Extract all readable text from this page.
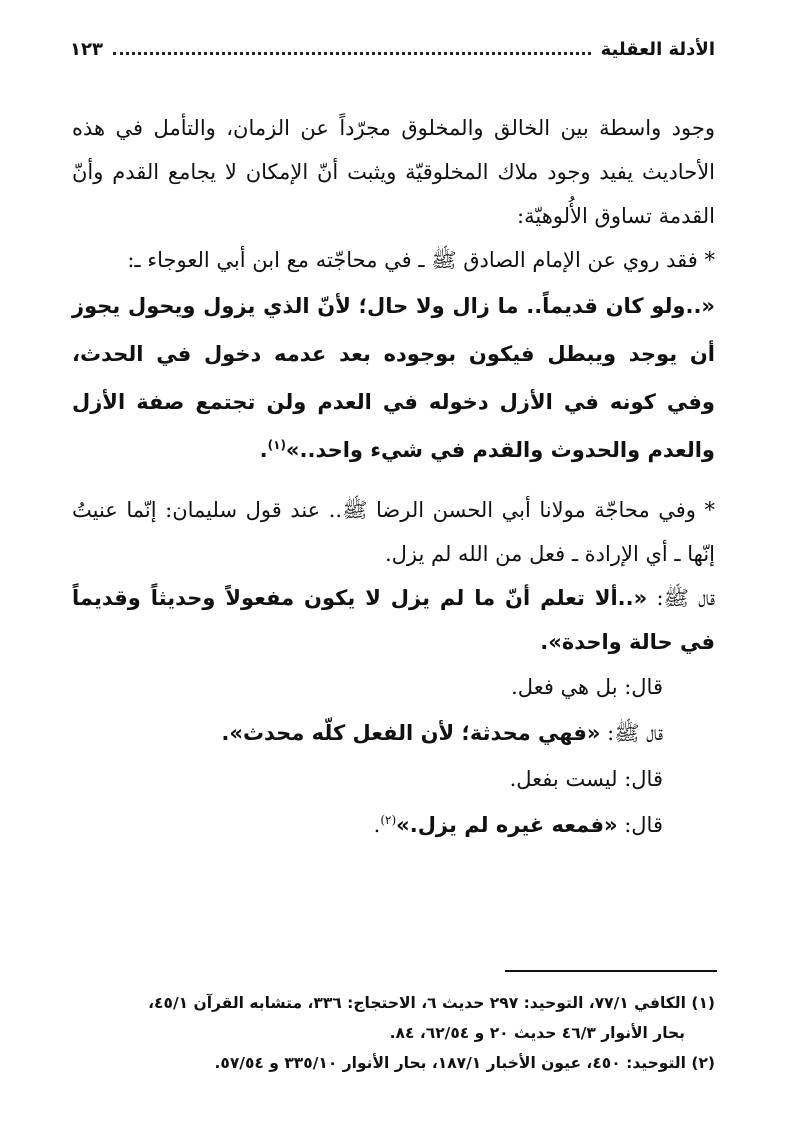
الأدلة العقلية
١٢٣

وجود واسطة بين الخالق والمخلوق مجرّداً عن الزمان، والتأمل في هذه الأحاديث يفيد وجود ملاك المخلوقيّة ويثبت أنّ الإمكان لا يجامع القدم وأنّ القدمة تساوق الأُلوهيّة:

* فقد روي عن الإمام الصادق ﷺ ـ في محاجّته مع ابن أبي العوجاء ـ:

«..ولو كان قديماً.. ما زال ولا حال؛ لأنّ الذي يزول ويحول يجوز أن يوجد ويبطل فيكون بوجوده بعد عدمه دخول في الحدث، وفي كونه في الأزل دخوله في العدم ولن تجتمع صفة الأزل والعدم والحدوث والقدم في شيء واحد..»$^{(١)}$.

* وفي محاجّة مولانا أبي الحسن الرضا ﷺ.. عند قول سليمان: إنّما عنيتُ إنّها ـ أي الإرادة ـ فعل من الله لم يزل.

قال ﷺ: «..ألا تعلم أنّ ما لم يزل لا يكون مفعولاً وحديثاً وقديماً في حالة واحدة».

قال: بل هي فعل.

قال ﷺ: «فهي محدثة؛ لأن الفعل كلّه محدث».

قال: ليست بفعل.

قال: «فمعه غيره لم يزل.»$^{(٢)}$.

(١) الكافي ٧٧/١، التوحيد: ٢٩٧ حديث ٦، الاحتجاج: ٣٣٦، متشابه القرآن ٤٥/١،

بحار الأنوار ٤٦/٣ حديث ٢٠ و ٦٢/٥٤، ٨٤.

(٢) التوحيد: ٤٥٠، عيون الأخبار ١٨٧/١، بحار الأنوار ٣٣٥/١٠ و ٥٧/٥٤.
